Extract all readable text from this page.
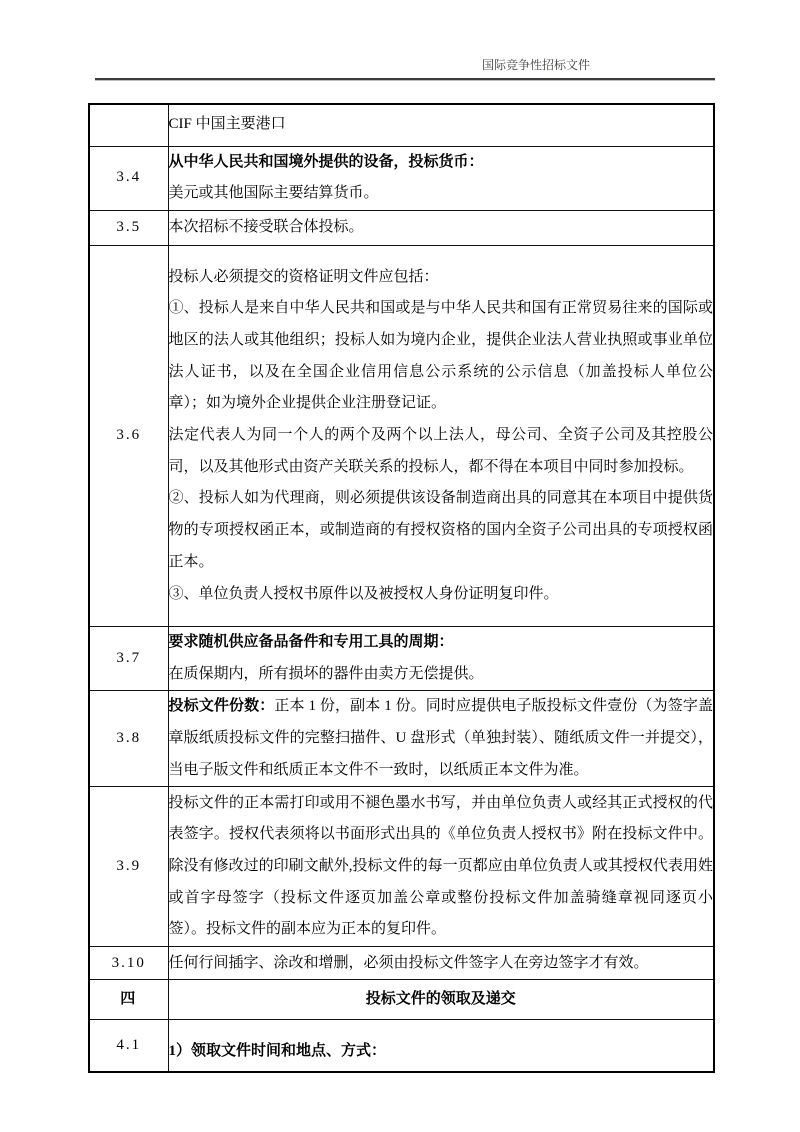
国际竞争性招标文件

	CIF 中国主要港口

3.4	从中华人民共和国境外提供的设备，投标货币：

美元或其他国际主要结算货币。

3.5	本次招标不接受联合体投标。

3.6	投标人必须提交的资格证明文件应包括：

①、投标人是来自中华人民共和国或是与中华人民共和国有正常贸易往来的国际或地区的法人或其他组织；投标人如为境内企业，提供企业法人营业执照或事业单位法人证书，以及在全国企业信用信息公示系统的公示信息（加盖投标人单位公章）；如为境外企业提供企业注册登记证。

法定代表人为同一个人的两个及两个以上法人，母公司、全资子公司及其控股公司，以及其他形式由资产关联关系的投标人，都不得在本项目中同时参加投标。

②、投标人如为代理商，则必须提供该设备制造商出具的同意其在本项目中提供货物的专项授权函正本，或制造商的有授权资格的国内全资子公司出具的专项授权函正本。

③、单位负责人授权书原件以及被授权人身份证明复印件。

3.7	要求随机供应备品备件和专用工具的周期：

在质保期内，所有损坏的器件由卖方无偿提供。

3.8	投标文件份数：正本 1 份，副本 1 份。同时应提供电子版投标文件壹份（为签字盖章版纸质投标文件的完整扫描件、U 盘形式（单独封装）、随纸质文件一并提交），当电子版文件和纸质正本文件不一致时，以纸质正本文件为准。

3.9	投标文件的正本需打印或用不褪色墨水书写，并由单位负责人或经其正式授权的代表签字。授权代表须将以书面形式出具的《单位负责人授权书》附在投标文件中。除没有修改过的印刷文献外,投标文件的每一页都应由单位负责人或其授权代表用姓或首字母签字（投标文件逐页加盖公章或整份投标文件加盖骑缝章视同逐页小签）。投标文件的副本应为正本的复印件。

3.10	任何行间插字、涂改和增删，必须由投标文件签字人在旁边签字才有效。

四	投标文件的领取及递交

4.1	1）领取文件时间和地点、方式：
